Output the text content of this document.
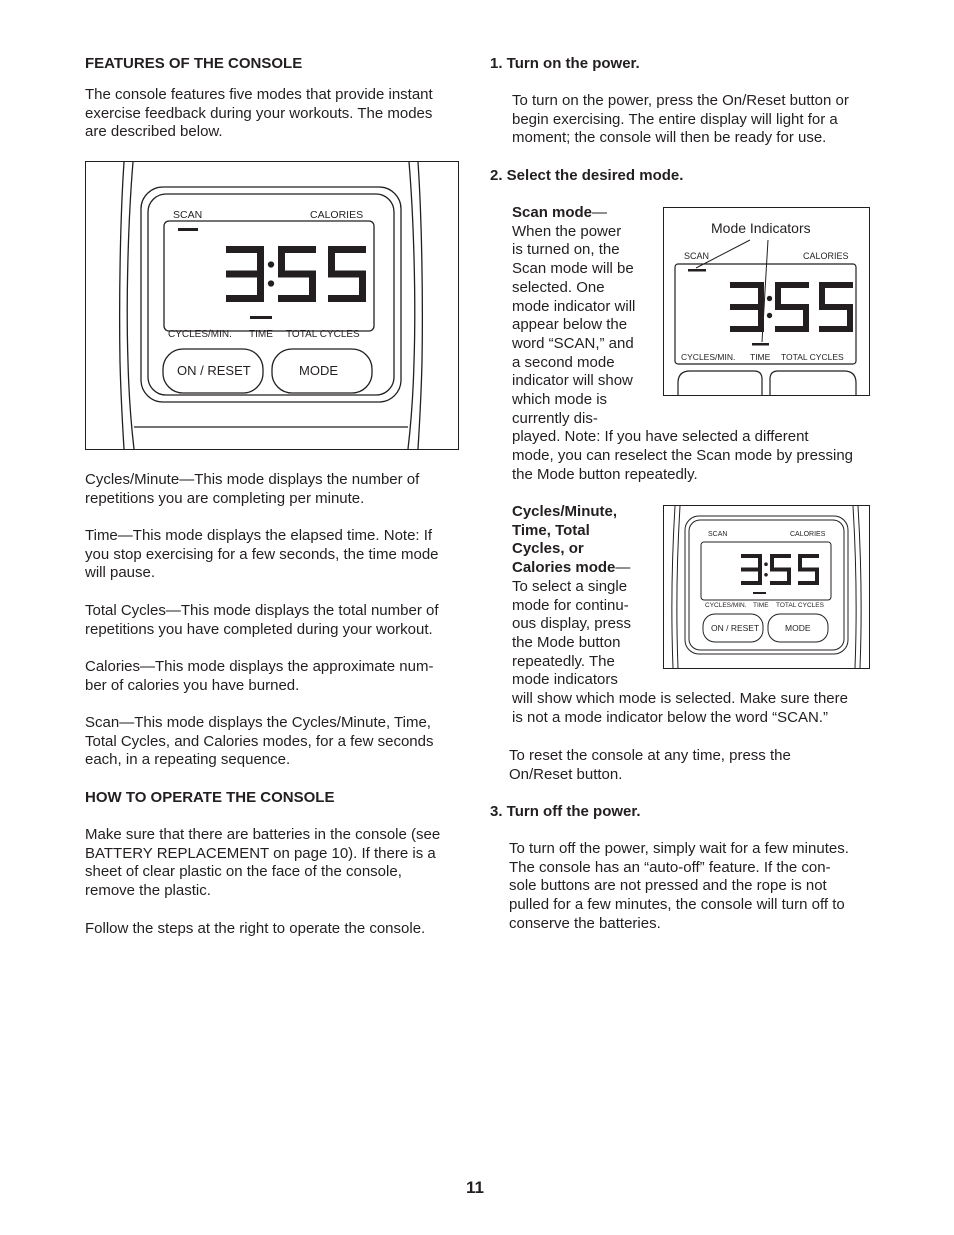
FEATURES OF THE CONSOLE
The console features five modes that provide instant
exercise feedback during your workouts. The modes
are described below.
SCAN	CALORIES
CYCLES/MIN. TIME TOTAL CYCLES
ON / RESET	MODE
Cycles/Minute—This mode displays the number of
repetitions you are completing per minute.
Time—This mode displays the elapsed time. Note: If
you stop exercising for a few seconds, the time mode
will pause.
Total Cycles—This mode displays the total number of
repetitions you have completed during your workout.
Calories—This mode displays the approximate num-
ber of calories you have burned.
Scan—This mode displays the Cycles/Minute, Time,
Total Cycles, and Calories modes, for a few seconds
each, in a repeating sequence.
HOW TO OPERATE THE CONSOLE
Make sure that there are batteries in the console (see
BATTERY REPLACEMENT on page 10). If there is a
sheet of clear plastic on the face of the console,
remove the plastic.
Follow the steps at the right to operate the console.
1. Turn on the power.
To turn on the power, press the On/Reset button or
begin exercising. The entire display will light for a
moment; the console will then be ready for use.
2. Select the desired mode.
Scan mode—
When the power
is turned on, the
Scan mode will be
selected. One
mode indicator will
appear below the
word “SCAN,” and
a second mode
indicator will show
which mode is
currently dis-
played. Note: If you have selected a different
mode, you can reselect the Scan mode by pressing
the Mode button repeatedly.
Mode Indicators
SCAN	CALORIES
CYCLES/MIN. TIME TOTAL CYCLES
Cycles/Minute,
Time, Total
Cycles, or
Calories mode—
To select a single
mode for continu-
ous display, press
the Mode button
repeatedly. The
mode indicators
will show which mode is selected. Make sure there
is not a mode indicator below the word “SCAN.”
SCAN	CALORIES
CYCLES/MIN. TIME TOTAL CYCLES
ON / RESET	MODE
To reset the console at any time, press the
On/Reset button.
3. Turn off the power.
To turn off the power, simply wait for a few minutes.
The console has an “auto-off” feature. If the con-
sole buttons are not pressed and the rope is not
pulled for a few minutes, the console will turn off to
conserve the batteries.
11
